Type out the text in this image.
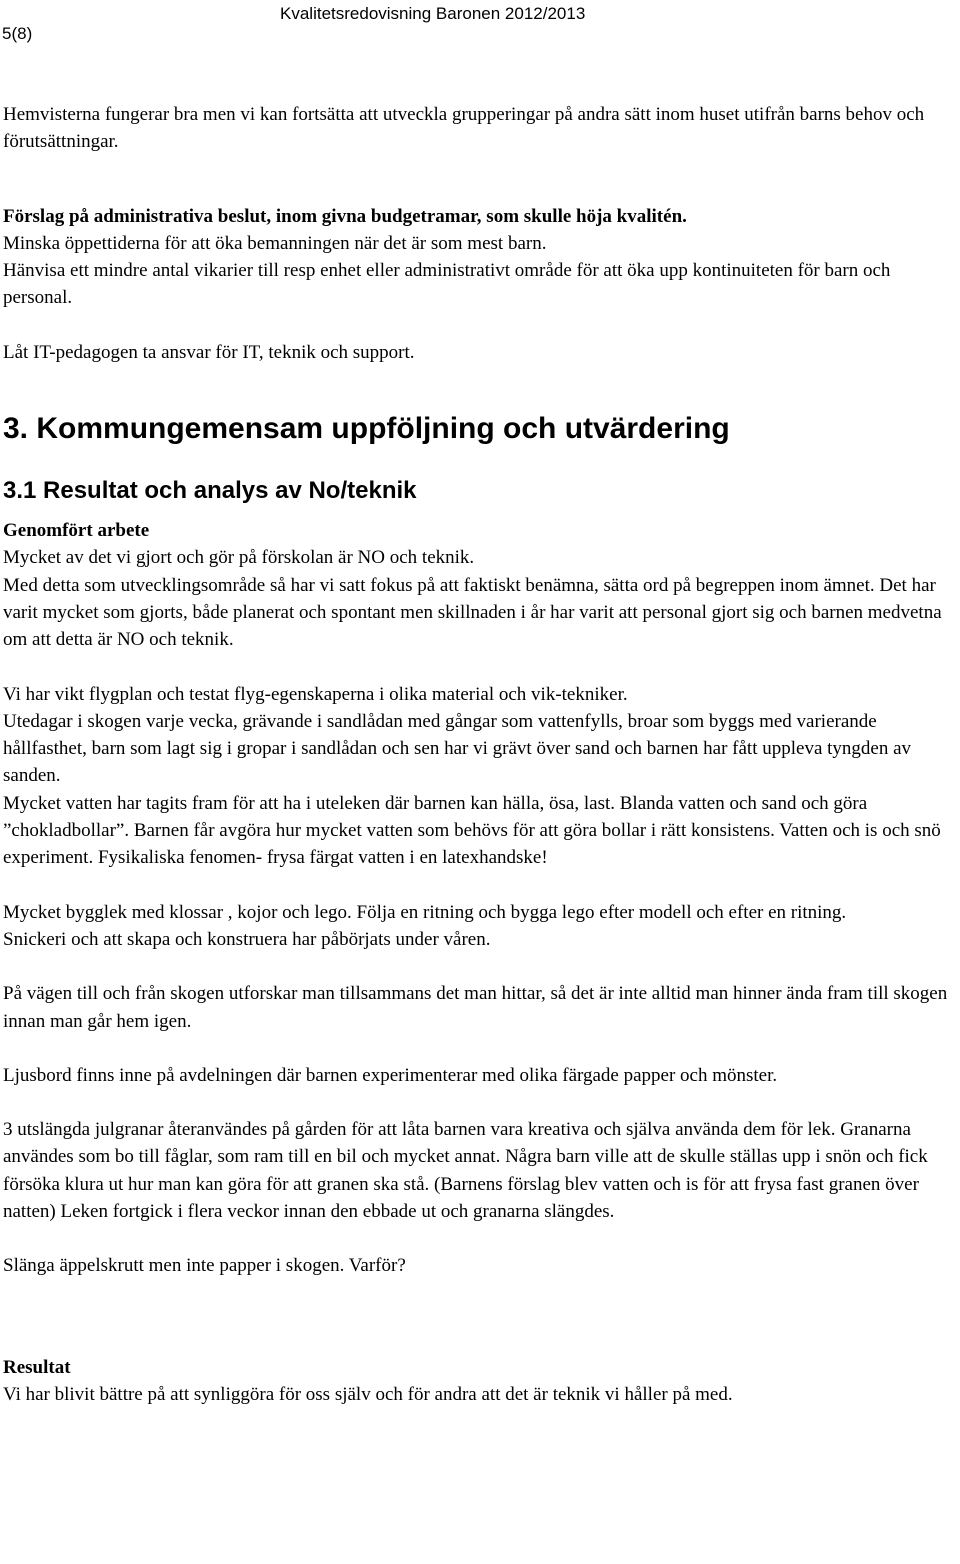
5(8)
Kvalitetsredovisning Baronen 2012/2013

Hemvisterna fungerar bra men vi kan fortsätta att utveckla grupperingar på andra sätt inom huset utifrån barns behov och förutsättningar.

Förslag på administrativa beslut, inom givna budgetramar, som skulle höja kvalitén.

Minska öppettiderna för att öka bemanningen när det är som mest barn.

Hänvisa ett mindre antal vikarier till resp enhet eller administrativt område för att öka upp kontinuiteten för barn och personal.

Låt IT-pedagogen ta ansvar för IT, teknik och support.

3. Kommungemensam uppföljning och utvärdering
3.1 Resultat och analys av No/teknik

Genomfört arbete

Mycket av det vi gjort och gör på förskolan är NO och teknik.

Med detta som utvecklingsområde så har vi satt fokus på att faktiskt benämna, sätta ord på begreppen inom ämnet. Det har varit mycket som gjorts, både planerat och spontant men skillnaden i år har varit att personal gjort sig och barnen medvetna om att detta är NO och teknik.

Vi har vikt flygplan och testat flyg-egenskaperna i olika material och vik-tekniker.

Utedagar i skogen varje vecka, grävande i sandlådan med gångar som vattenfylls, broar som byggs med varierande hållfasthet, barn som lagt sig i gropar i sandlådan och sen har vi grävt över sand och barnen har fått uppleva tyngden av sanden.

Mycket vatten har tagits fram för att ha i uteleken där barnen kan hälla, ösa, last. Blanda vatten och sand och göra ”chokladbollar”. Barnen får avgöra hur mycket vatten som behövs för att göra bollar i rätt konsistens. Vatten och is och snö experiment. Fysikaliska fenomen- frysa färgat vatten i en latexhandske!

Mycket bygglek med klossar , kojor och lego. Följa en ritning och bygga lego efter modell och efter en ritning.

Snickeri och att skapa och konstruera har påbörjats under våren.

På vägen till och från skogen utforskar man tillsammans det man hittar, så det är inte alltid man hinner ända fram till skogen innan man går hem igen.

Ljusbord finns inne på avdelningen där barnen experimenterar med olika färgade papper och mönster.

3 utslängda julgranar återanvändes på gården för att låta barnen vara kreativa och själva använda dem för lek. Granarna användes som bo till fåglar, som ram till en bil och mycket annat. Några barn ville att de skulle ställas upp i snön och fick försöka klura ut hur man kan göra för att granen ska stå. (Barnens förslag blev vatten och is för att frysa fast granen över natten) Leken fortgick i flera veckor innan den ebbade ut och granarna slängdes.

Slänga äppelskrutt men inte papper i skogen. Varför?

Resultat

Vi har blivit bättre på att synliggöra för oss själv och för andra att det är teknik vi håller på med.
